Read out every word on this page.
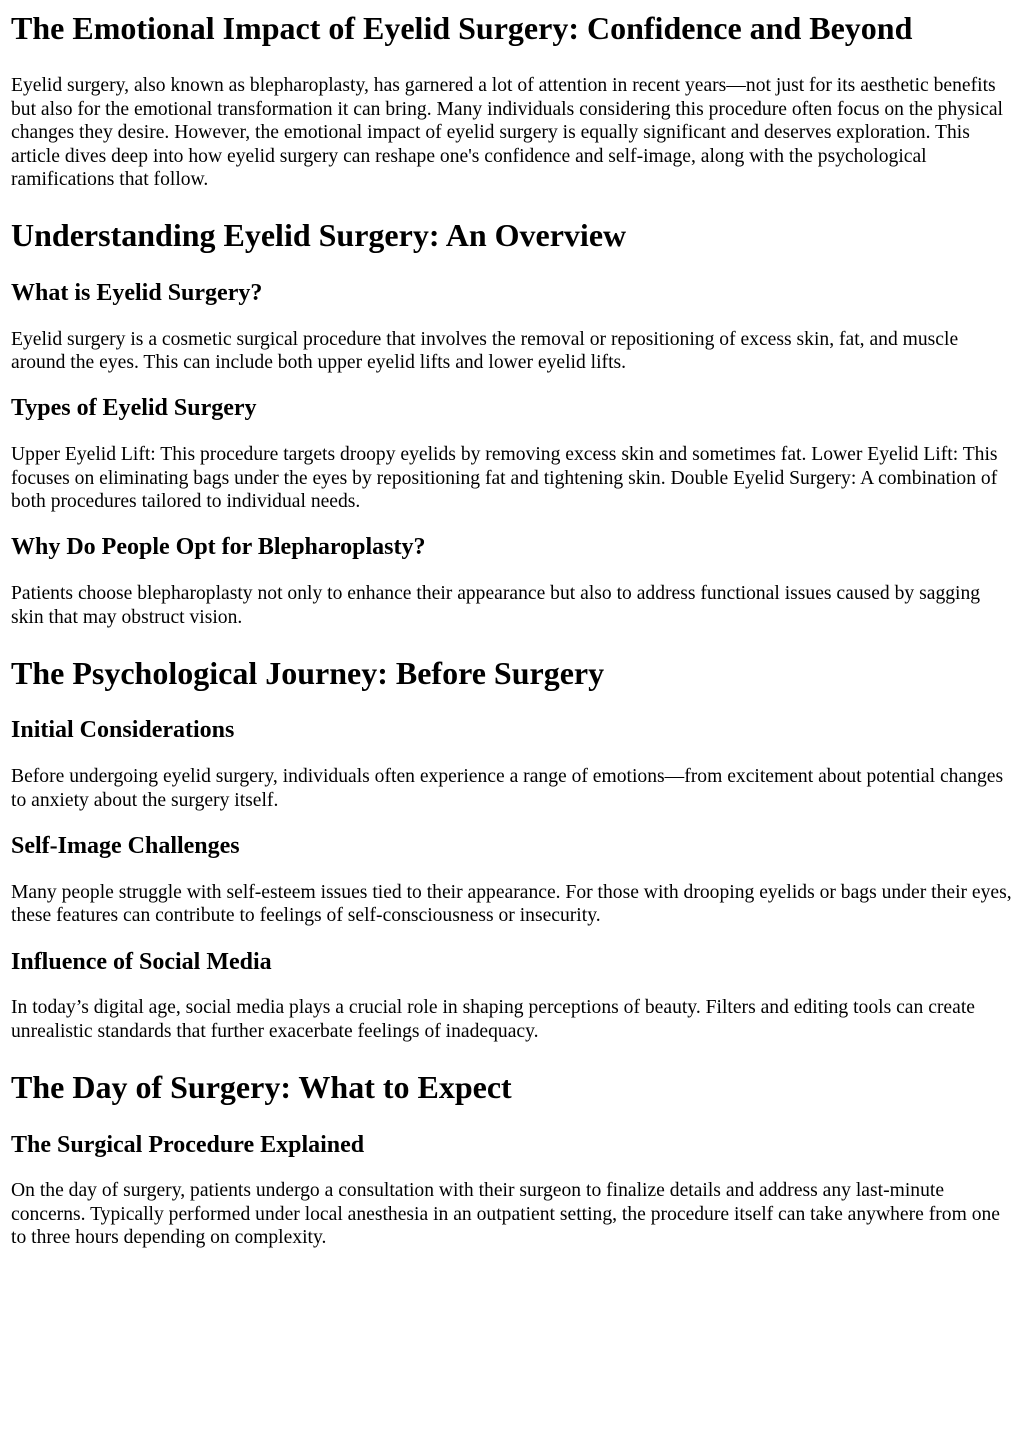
The Emotional Impact of Eyelid Surgery: Confidence and Beyond

Eyelid surgery, also known as blepharoplasty, has garnered a lot of attention in recent years—not just for its aesthetic benefits but also for the emotional transformation it can bring. Many individuals considering this procedure often focus on the physical changes they desire. However, the emotional impact of eyelid surgery is equally significant and deserves exploration. This article dives deep into how eyelid surgery can reshape one's confidence and self-image, along with the psychological ramifications that follow.

Understanding Eyelid Surgery: An Overview
What is Eyelid Surgery?

Eyelid surgery is a cosmetic surgical procedure that involves the removal or repositioning of excess skin, fat, and muscle around the eyes. This can include both upper eyelid lifts and lower eyelid lifts.

Types of Eyelid Surgery

Upper Eyelid Lift: This procedure targets droopy eyelids by removing excess skin and sometimes fat. Lower Eyelid Lift: This focuses on eliminating bags under the eyes by repositioning fat and tightening skin. Double Eyelid Surgery: A combination of both procedures tailored to individual needs.

Why Do People Opt for Blepharoplasty?

Patients choose blepharoplasty not only to enhance their appearance but also to address functional issues caused by sagging skin that may obstruct vision.

The Psychological Journey: Before Surgery
Initial Considerations

Before undergoing eyelid surgery, individuals often experience a range of emotions—from excitement about potential changes to anxiety about the surgery itself.

Self-Image Challenges

Many people struggle with self-esteem issues tied to their appearance. For those with drooping eyelids or bags under their eyes, these features can contribute to feelings of self-consciousness or insecurity.

Influence of Social Media

In today’s digital age, social media plays a crucial role in shaping perceptions of beauty. Filters and editing tools can create unrealistic standards that further exacerbate feelings of inadequacy.

The Day of Surgery: What to Expect
The Surgical Procedure Explained

On the day of surgery, patients undergo a consultation with their surgeon to finalize details and address any last-minute concerns. Typically performed under local anesthesia in an outpatient setting, the procedure itself can take anywhere from one to three hours depending on complexity.
